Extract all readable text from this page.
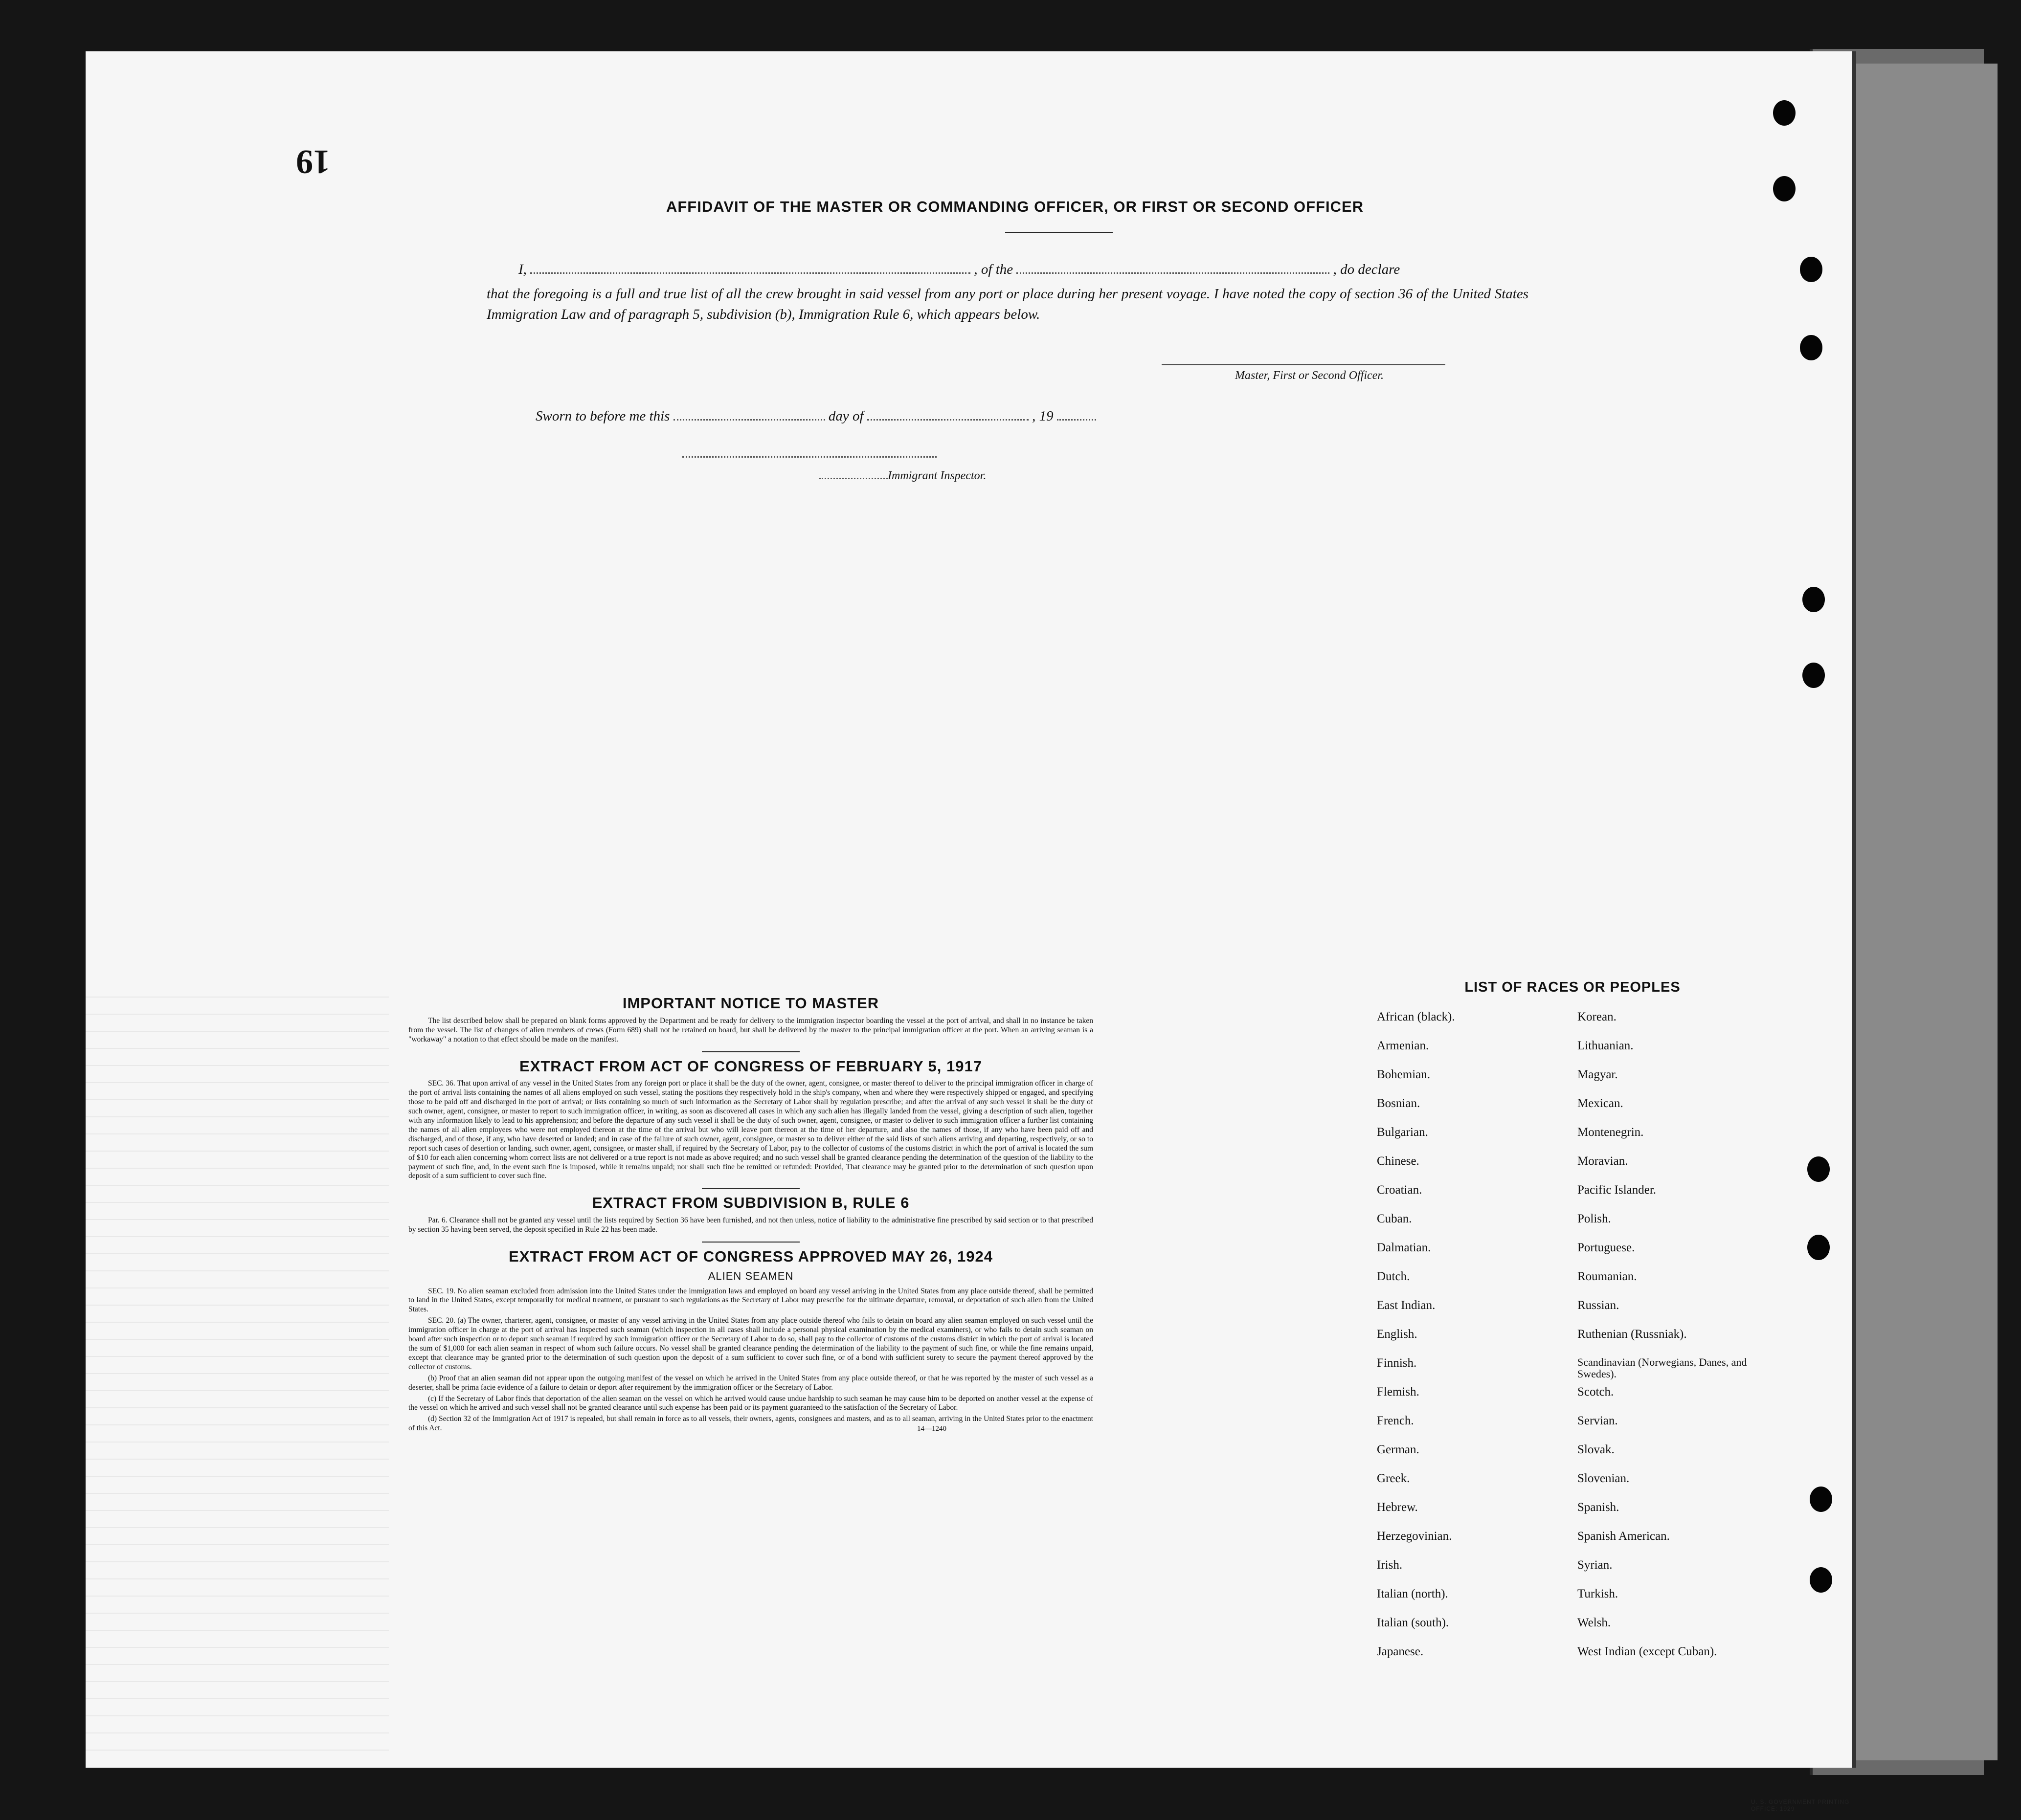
19
AFFIDAVIT OF THE MASTER OR COMMANDING OFFICER, OR FIRST OR SECOND OFFICER
I,	, of the	, do declare
that the foregoing is a full and true list of all the crew brought in said vessel from any port or place during her present voyage. I have noted the copy of section 36 of the United States Immigration Law and of paragraph 5, subdivision (b), Immigration Rule 6, which appears below.
Master, First or Second Officer.
Sworn to before me this	day of	, 19
Immigrant Inspector.
IMPORTANT NOTICE TO MASTER

The list described below shall be prepared on blank forms approved by the Department and be ready for delivery to the immigration inspector boarding the vessel at the port of arrival, and shall in no instance be taken from the vessel. The list of changes of alien members of crews (Form 689) shall not be retained on board, but shall be delivered by the master to the principal immigration officer at the port. When an arriving seaman is a "workaway" a notation to that effect should be made on the manifest.

EXTRACT FROM ACT OF CONGRESS OF FEBRUARY 5, 1917

SEC. 36. That upon arrival of any vessel in the United States from any foreign port or place it shall be the duty of the owner, agent, consignee, or master thereof to deliver to the principal immigration officer in charge of the port of arrival lists containing the names of all aliens employed on such vessel, stating the positions they respectively hold in the ship's company, when and where they were respectively shipped or engaged, and specifying those to be paid off and discharged in the port of arrival; or lists containing so much of such information as the Secretary of Labor shall by regulation prescribe; and after the arrival of any such vessel it shall be the duty of such owner, agent, consignee, or master to report to such immigration officer, in writing, as soon as discovered all cases in which any such alien has illegally landed from the vessel, giving a description of such alien, together with any information likely to lead to his apprehension; and before the departure of any such vessel it shall be the duty of such owner, agent, consignee, or master to deliver to such immigration officer a further list containing the names of all alien employees who were not employed thereon at the time of the arrival but who will leave port thereon at the time of her departure, and also the names of those, if any who have been paid off and discharged, and of those, if any, who have deserted or landed; and in case of the failure of such owner, agent, consignee, or master so to deliver either of the said lists of such aliens arriving and departing, respectively, or so to report such cases of desertion or landing, such owner, agent, consignee, or master shall, if required by the Secretary of Labor, pay to the collector of customs of the customs district in which the port of arrival is located the sum of $10 for each alien concerning whom correct lists are not delivered or a true report is not made as above required; and no such vessel shall be granted clearance pending the determination of the question of the liability to the payment of such fine, and, in the event such fine is imposed, while it remains unpaid; nor shall such fine be remitted or refunded: Provided, That clearance may be granted prior to the determination of such question upon deposit of a sum sufficient to cover such fine.

EXTRACT FROM SUBDIVISION B, RULE 6

Par. 6. Clearance shall not be granted any vessel until the lists required by Section 36 have been furnished, and not then unless, notice of liability to the administrative fine prescribed by said section or to that prescribed by section 35 having been served, the deposit specified in Rule 22 has been made.

EXTRACT FROM ACT OF CONGRESS APPROVED MAY 26, 1924
ALIEN SEAMEN

SEC. 19. No alien seaman excluded from admission into the United States under the immigration laws and employed on board any vessel arriving in the United States from any place outside thereof, shall be permitted to land in the United States, except temporarily for medical treatment, or pursuant to such regulations as the Secretary of Labor may prescribe for the ultimate departure, removal, or deportation of such alien from the United States.

SEC. 20. (a) The owner, charterer, agent, consignee, or master of any vessel arriving in the United States from any place outside thereof who fails to detain on board any alien seaman employed on such vessel until the immigration officer in charge at the port of arrival has inspected such seaman (which inspection in all cases shall include a personal physical examination by the medical examiners), or who fails to detain such seaman on board after such inspection or to deport such seaman if required by such immigration officer or the Secretary of Labor to do so, shall pay to the collector of customs of the customs district in which the port of arrival is located the sum of $1,000 for each alien seaman in respect of whom such failure occurs. No vessel shall be granted clearance pending the determination of the liability to the payment of such fine, or while the fine remains unpaid, except that clearance may be granted prior to the determination of such question upon the deposit of a sum sufficient to cover such fine, or of a bond with sufficient surety to secure the payment thereof approved by the collector of customs.

(b) Proof that an alien seaman did not appear upon the outgoing manifest of the vessel on which he arrived in the United States from any place outside thereof, or that he was reported by the master of such vessel as a deserter, shall be prima facie evidence of a failure to detain or deport after requirement by the immigration officer or the Secretary of Labor.

(c) If the Secretary of Labor finds that deportation of the alien seaman on the vessel on which he arrived would cause undue hardship to such seaman he may cause him to be deported on another vessel at the expense of the vessel on which he arrived and such vessel shall not be granted clearance until such expense has been paid or its payment guaranteed to the satisfaction of the Secretary of Labor.

(d) Section 32 of the Immigration Act of 1917 is repealed, but shall remain in force as to all vessels, their owners, agents, consignees and masters, and as to all seaman, arriving in the United States prior to the enactment of this Act.	14—1240
LIST OF RACES OR PEOPLES
African (black).	Korean.
Armenian.	Lithuanian.
Bohemian.	Magyar.
Bosnian.	Mexican.
Bulgarian.	Montenegrin.
Chinese.	Moravian.
Croatian.	Pacific Islander.
Cuban.	Polish.
Dalmatian.	Portuguese.
Dutch.	Roumanian.
East Indian.	Russian.
English.	Ruthenian (Russniak).
Finnish.	Scandinavian (Norwegians, Danes, and Swedes).
Flemish.	Scotch.
French.	Servian.
German.	Slovak.
Greek.	Slovenian.
Hebrew.	Spanish.
Herzegovinian.	Spanish American.
Irish.	Syrian.
Italian (north).	Turkish.
Italian (south).	Welsh.
Japanese.	West Indian (except Cuban).
U. S. GOVERNMENT PRINTING OFFICE: 1929
